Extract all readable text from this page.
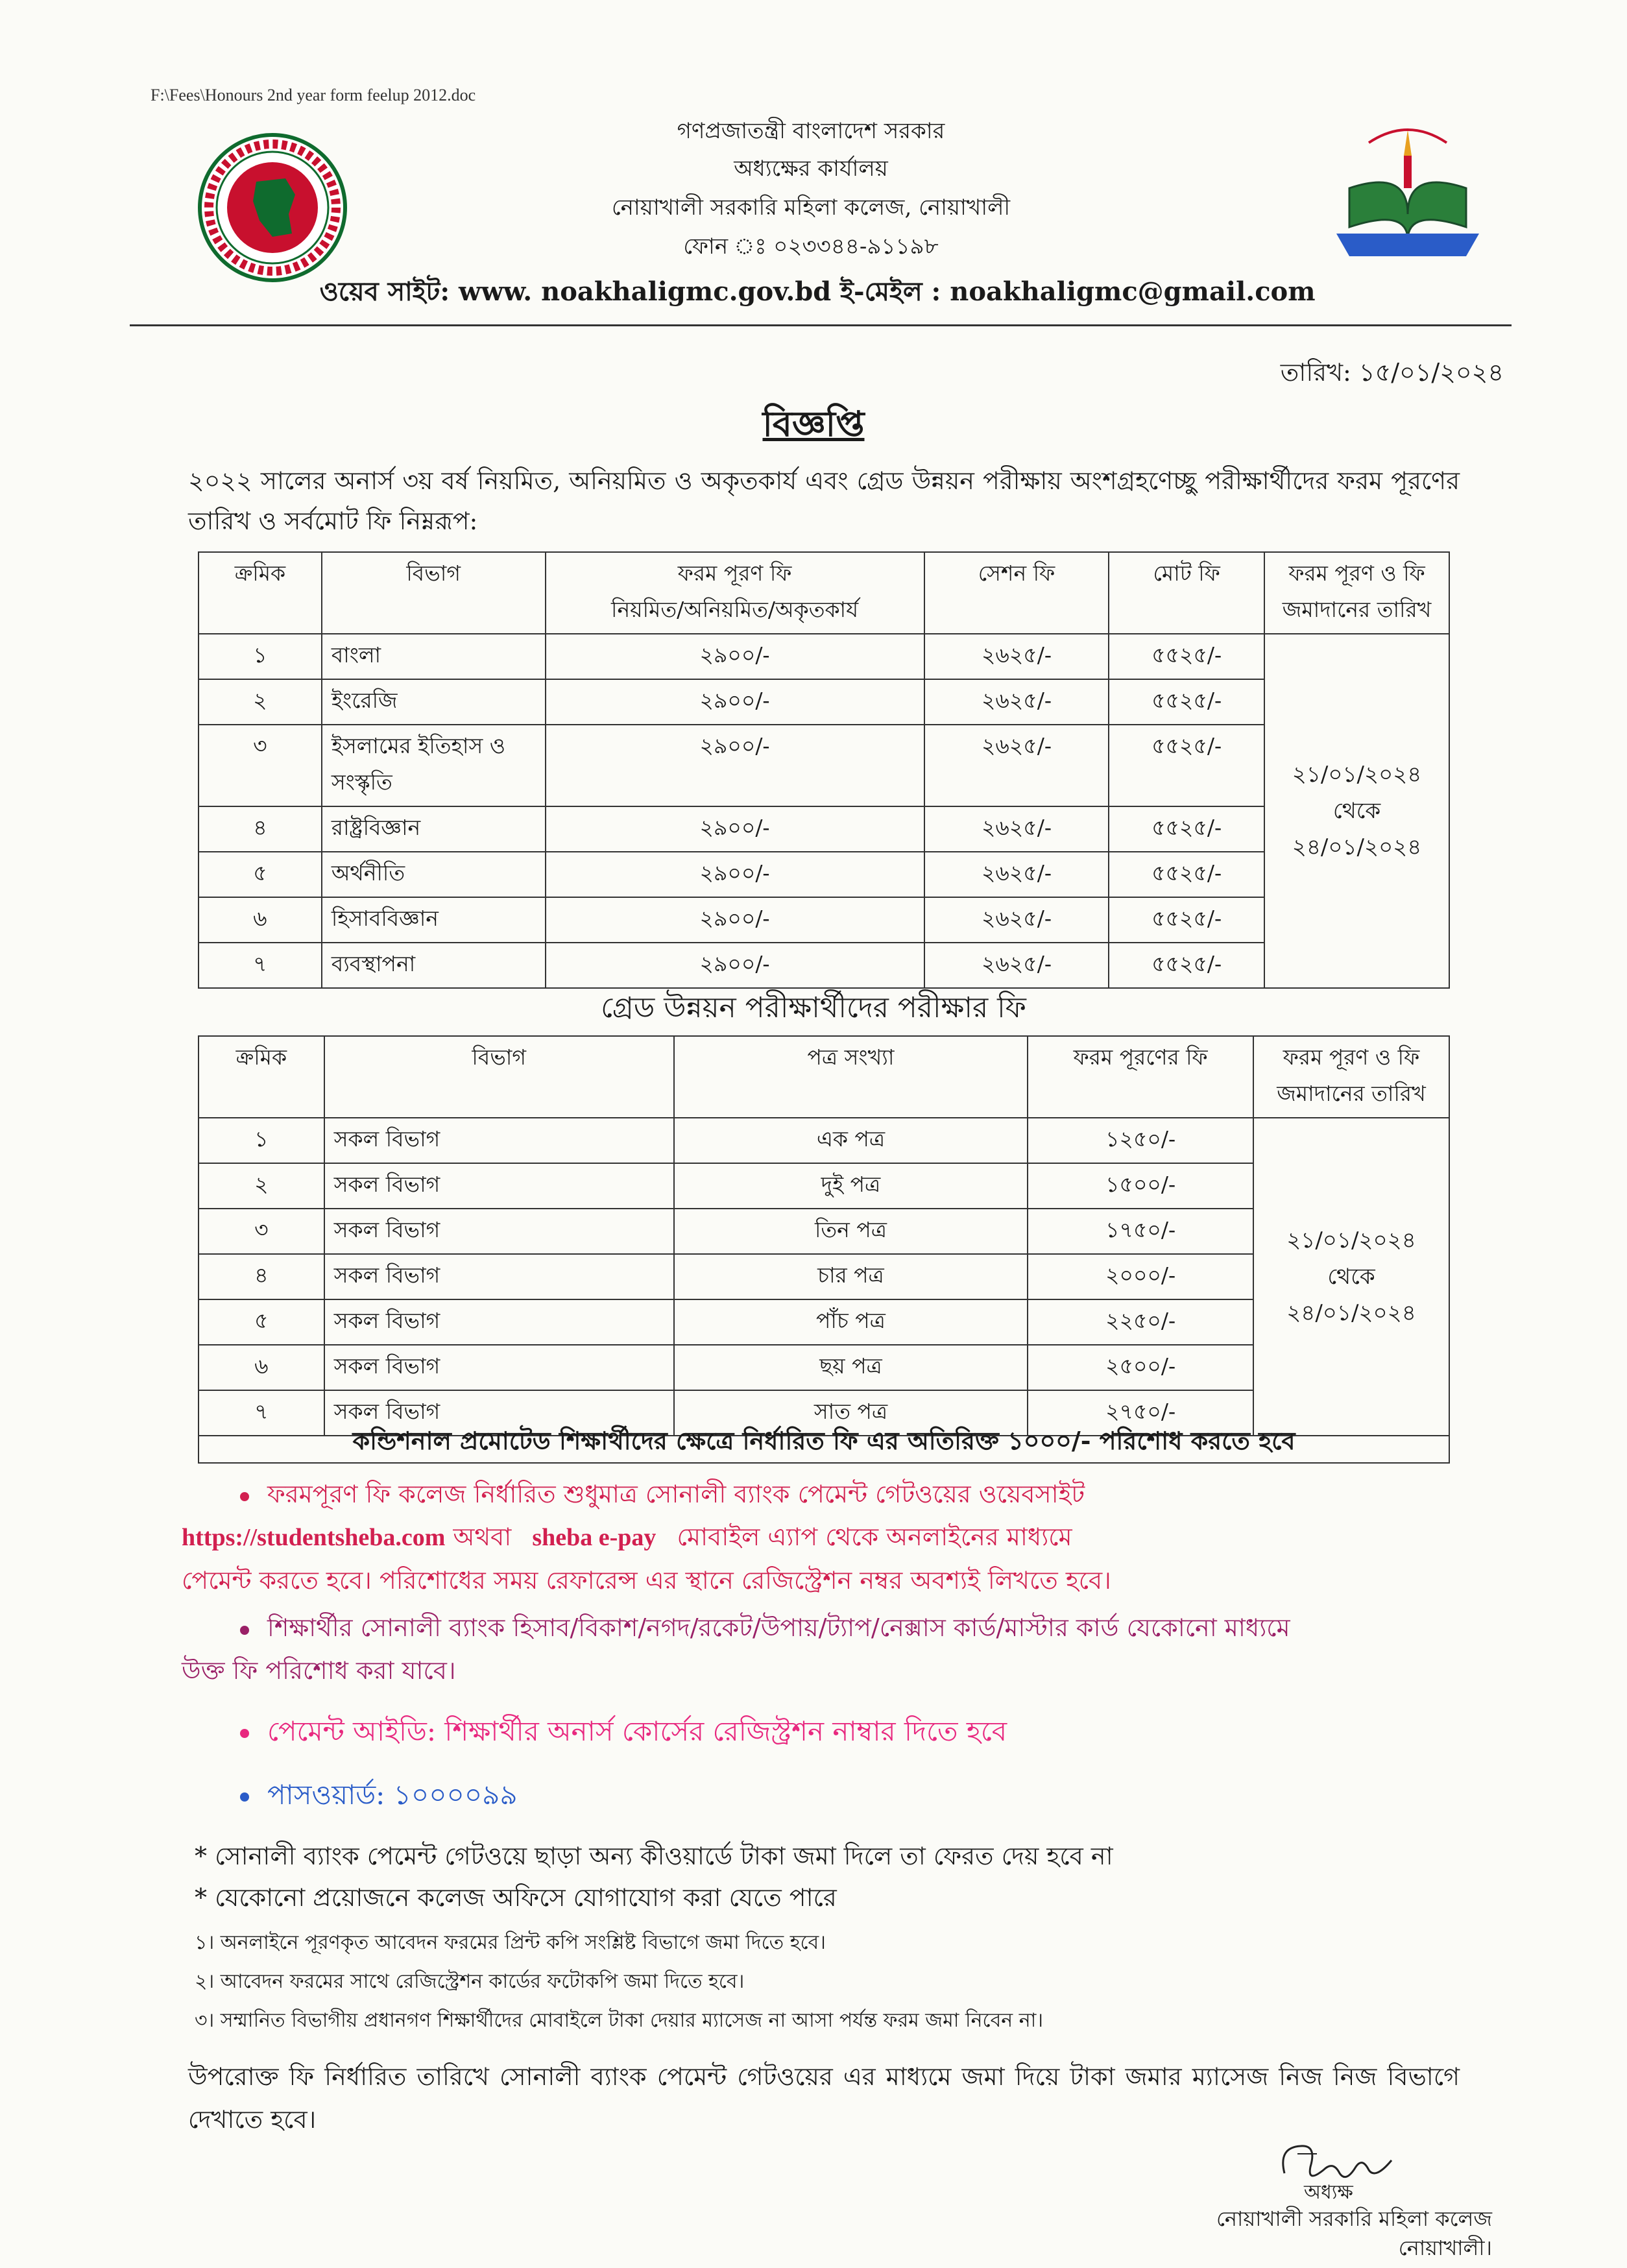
F:\Fees\Honours 2nd year form feelup 2012.doc
গণপ্রজাতন্ত্রী বাংলাদেশ সরকার
অধ্যক্ষের কার্যালয়
নোয়াখালী সরকারি মহিলা কলেজ, নোয়াখালী
ফোন ঃ ০২৩৩৪৪-৯১১৯৮
ওয়েব সাইট: www. noakhaligmc.gov.bd ই-মেইল : noakhaligmc@gmail.com
তারিখ: ১৫/০১/২০২৪
বিজ্ঞপ্তি
২০২২ সালের অনার্স ৩য় বর্ষ নিয়মিত, অনিয়মিত ও অকৃতকার্য এবং গ্রেড উন্নয়ন পরীক্ষায় অংশগ্রহণেচ্ছু পরীক্ষার্থীদের ফরম পূরণের তারিখ ও সর্বমোট ফি নিম্নরূপ:
ক্রমিক	বিভাগ	ফরম পূরণ ফি
নিয়মিত/অনিয়মিত/অকৃতকার্য	সেশন ফি	মোট ফি	ফরম পূরণ ও ফি
জমাদানের তারিখ
১	বাংলা	২৯০০/-	২৬২৫/-	৫৫২৫/-	২১/০১/২০২৪ থেকে
২৪/০১/২০২৪
২	ইংরেজি	২৯০০/-	২৬২৫/-	৫৫২৫/-	
৩	ইসলামের ইতিহাস ও সংস্কৃতি	২৯০০/-	২৬২৫/-	৫৫২৫/-	
৪	রাষ্ট্রবিজ্ঞান	২৯০০/-	২৬২৫/-	৫৫২৫/-	
৫	অর্থনীতি	২৯০০/-	২৬২৫/-	৫৫২৫/-	
৬	হিসাববিজ্ঞান	২৯০০/-	২৬২৫/-	৫৫২৫/-	
৭	ব্যবস্থাপনা	২৯০০/-	২৬২৫/-	৫৫২৫/-	
গ্রেড উন্নয়ন পরীক্ষার্থীদের পরীক্ষার ফি
ক্রমিক	বিভাগ	পত্র সংখ্যা	ফরম পূরণের ফি	ফরম পূরণ ও ফি
জমাদানের তারিখ
১	সকল বিভাগ	এক পত্র	১২৫০/-	২১/০১/২০২৪ থেকে
২৪/০১/২০২৪
২	সকল বিভাগ	দুই পত্র	১৫০০/-	
৩	সকল বিভাগ	তিন পত্র	১৭৫০/-	
৪	সকল বিভাগ	চার পত্র	২০০০/-	
৫	সকল বিভাগ	পাঁচ পত্র	২২৫০/-	
৬	সকল বিভাগ	ছয় পত্র	২৫০০/-	
৭	সকল বিভাগ	সাত পত্র	২৭৫০/-	
কন্ডিশনাল প্রমোটেড শিক্ষার্থীদের ক্ষেত্রে নির্ধারিত ফি এর অতিরিক্ত ১০০০/- পরিশোধ করতে হবে
ফরমপূরণ ফি কলেজ নির্ধারিত শুধুমাত্র সোনালী ব্যাংক পেমেন্ট গেটওয়ের ওয়েবসাইট
https://studentsheba.com অথবা sheba e-pay মোবাইল এ্যাপ থেকে অনলাইনের মাধ্যমে
পেমেন্ট করতে হবে। পরিশোধের সময় রেফারেন্স এর স্থানে রেজিস্ট্রেশন নম্বর অবশ্যই লিখতে হবে।
শিক্ষার্থীর সোনালী ব্যাংক হিসাব/বিকাশ/নগদ/রকেট/উপায়/ট্যাপ/নেক্সাস কার্ড/মাস্টার কার্ড যেকোনো মাধ্যমে
উক্ত ফি পরিশোধ করা যাবে।
পেমেন্ট আইডি: শিক্ষার্থীর অনার্স কোর্সের রেজিস্ট্রশন নাম্বার দিতে হবে
পাসওয়ার্ড: ১০০০০৯৯
* সোনালী ব্যাংক পেমেন্ট গেটওয়ে ছাড়া অন্য কীওয়ার্ডে টাকা জমা দিলে তা ফেরত দেয় হবে না
* যেকোনো প্রয়োজনে কলেজ অফিসে যোগাযোগ করা যেতে পারে
১। অনলাইনে পূরণকৃত আবেদন ফরমের প্রিন্ট কপি সংশ্লিষ্ট বিভাগে জমা দিতে হবে।
২। আবেদন ফরমের সাথে রেজিস্ট্রেশন কার্ডের ফটোকপি জমা দিতে হবে।
৩। সম্মানিত বিভাগীয় প্রধানগণ শিক্ষার্থীদের মোবাইলে টাকা দেয়ার ম্যাসেজ না আসা পর্যন্ত ফরম জমা নিবেন না।
উপরোক্ত ফি নির্ধারিত তারিখে সোনালী ব্যাংক পেমেন্ট গেটওয়ের এর মাধ্যমে জমা দিয়ে টাকা জমার ম্যাসেজ নিজ নিজ বিভাগে দেখাতে হবে।
অধ্যক্ষ
নোয়াখালী সরকারি মহিলা কলেজ
নোয়াখালী।
